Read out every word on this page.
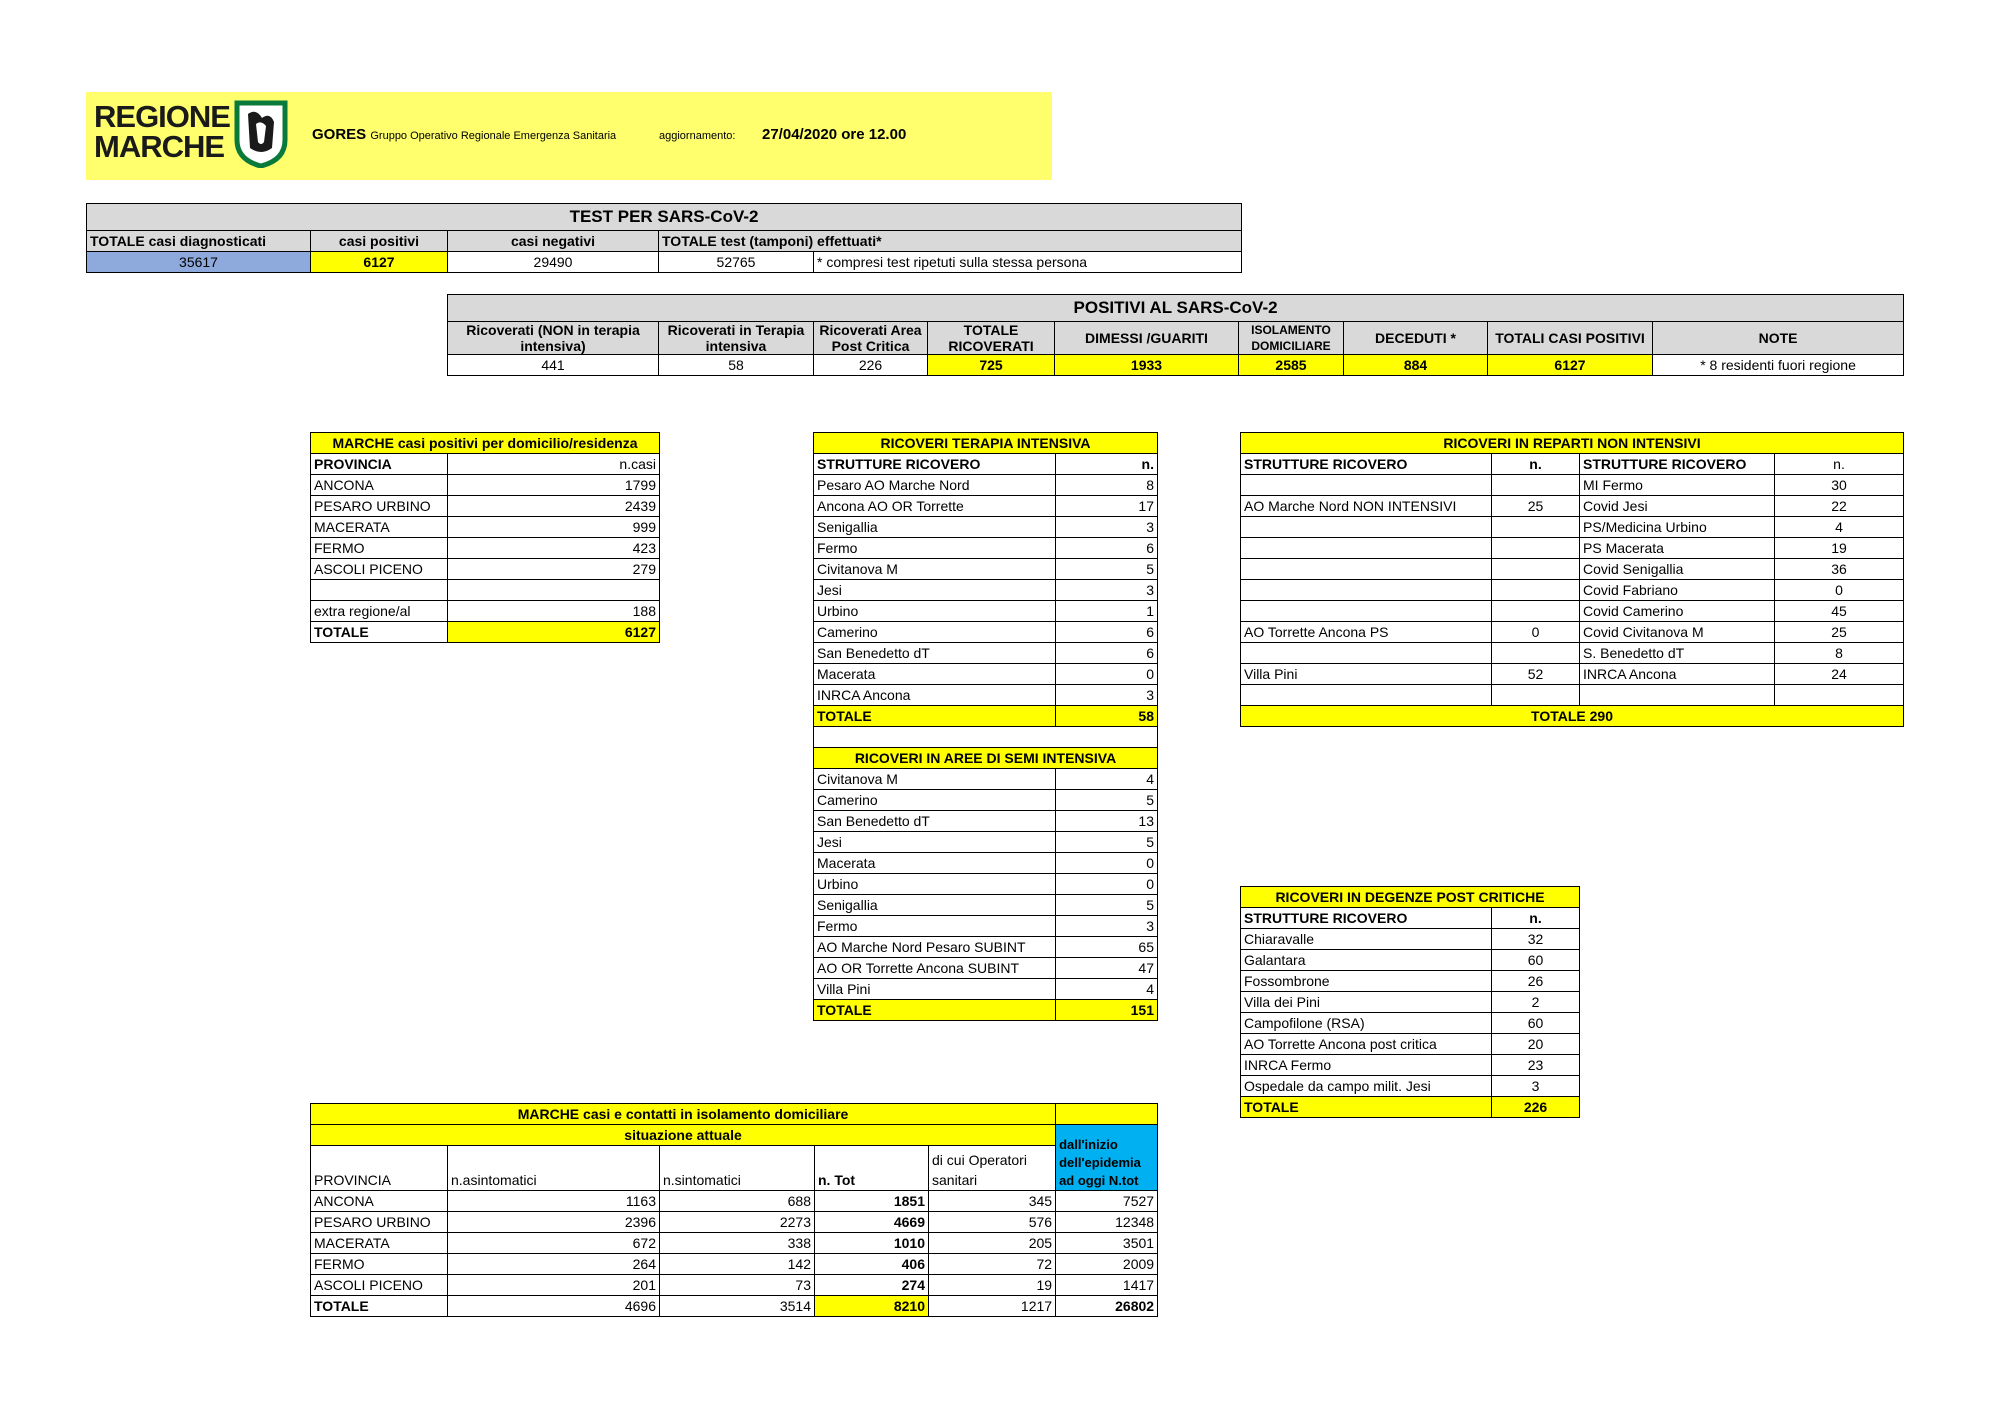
REGIONE
MARCHE	GORES Gruppo Operativo Regionale Emergenza Sanitaria	aggiornamento: 27/04/2020 ore 12.00
TEST PER SARS-CoV-2				
TOTALE casi diagnosticati	casi positivi	casi negativi	TOTALE test (tamponi) effettuati*	
35617	6127	29490	52765	* compresi test ripetuti sulla stessa persona
POSITIVI AL SARS-CoV-2								
Ricoverati (NON in terapia intensiva)	Ricoverati in Terapia intensiva	Ricoverati Area Post Critica	TOTALE RICOVERATI	DIMESSI /GUARITI	ISOLAMENTO DOMICILIARE	DECEDUTI *	TOTALI CASI POSITIVI	NOTE
441	58	226	725	1933	2585	884	6127	* 8 residenti fuori regione
MARCHE casi positivi per domicilio/residenza	
PROVINCIA	n.casi
ANCONA	1799
PESARO URBINO	2439
MACERATA	999
FERMO	423
ASCOLI PICENO	279

extra regione/al	188
TOTALE	6127
RICOVERI TERAPIA INTENSIVA	
STRUTTURE RICOVERO	n.
Pesaro AO Marche Nord	8
Ancona AO OR Torrette	17
Senigallia	3
Fermo	6
Civitanova M	5
Jesi	3
Urbino	1
Camerino	6
San Benedetto dT	6
Macerata	0
INRCA Ancona	3
TOTALE	58

RICOVERI IN AREE DI SEMI INTENSIVA	
Civitanova M	4
Camerino	5
San Benedetto dT	13
Jesi	5
Macerata	0
Urbino	0
Senigallia	5
Fermo	3
AO Marche Nord Pesaro SUBINT	65
AO OR Torrette Ancona SUBINT	47
Villa Pini	4
TOTALE	151
RICOVERI IN REPARTI NON INTENSIVI			
STRUTTURE RICOVERO	n.	STRUTTURE RICOVERO	n.
		MI Fermo	30
AO Marche Nord NON INTENSIVI	25	Covid Jesi	22
		PS/Medicina Urbino	4
		PS Macerata	19
		Covid Senigallia	36
		Covid Fabriano	0
		Covid Camerino	45
AO Torrette Ancona PS	0	Covid Civitanova M	25
		S. Benedetto dT	8
Villa Pini	52	INRCA Ancona	24

TOTALE 290			
RICOVERI IN DEGENZE POST CRITICHE	
STRUTTURE RICOVERO	n.
Chiaravalle	32
Galantara	60
Fossombrone	26
Villa dei Pini	2
Campofilone (RSA)	60
AO Torrette Ancona post critica	20
INRCA Fermo	23
Ospedale da campo milit. Jesi	3
TOTALE	226
MARCHE casi e contatti in isolamento domiciliare					
situazione attuale					dall'inizio dell'epidemia ad oggi N.tot
PROVINCIA	n.asintomatici	n.sintomatici	n. Tot	di cui Operatori sanitari	
ANCONA	1163	688	1851	345	7527
PESARO URBINO	2396	2273	4669	576	12348
MACERATA	672	338	1010	205	3501
FERMO	264	142	406	72	2009
ASCOLI PICENO	201	73	274	19	1417
TOTALE	4696	3514	8210	1217	26802
